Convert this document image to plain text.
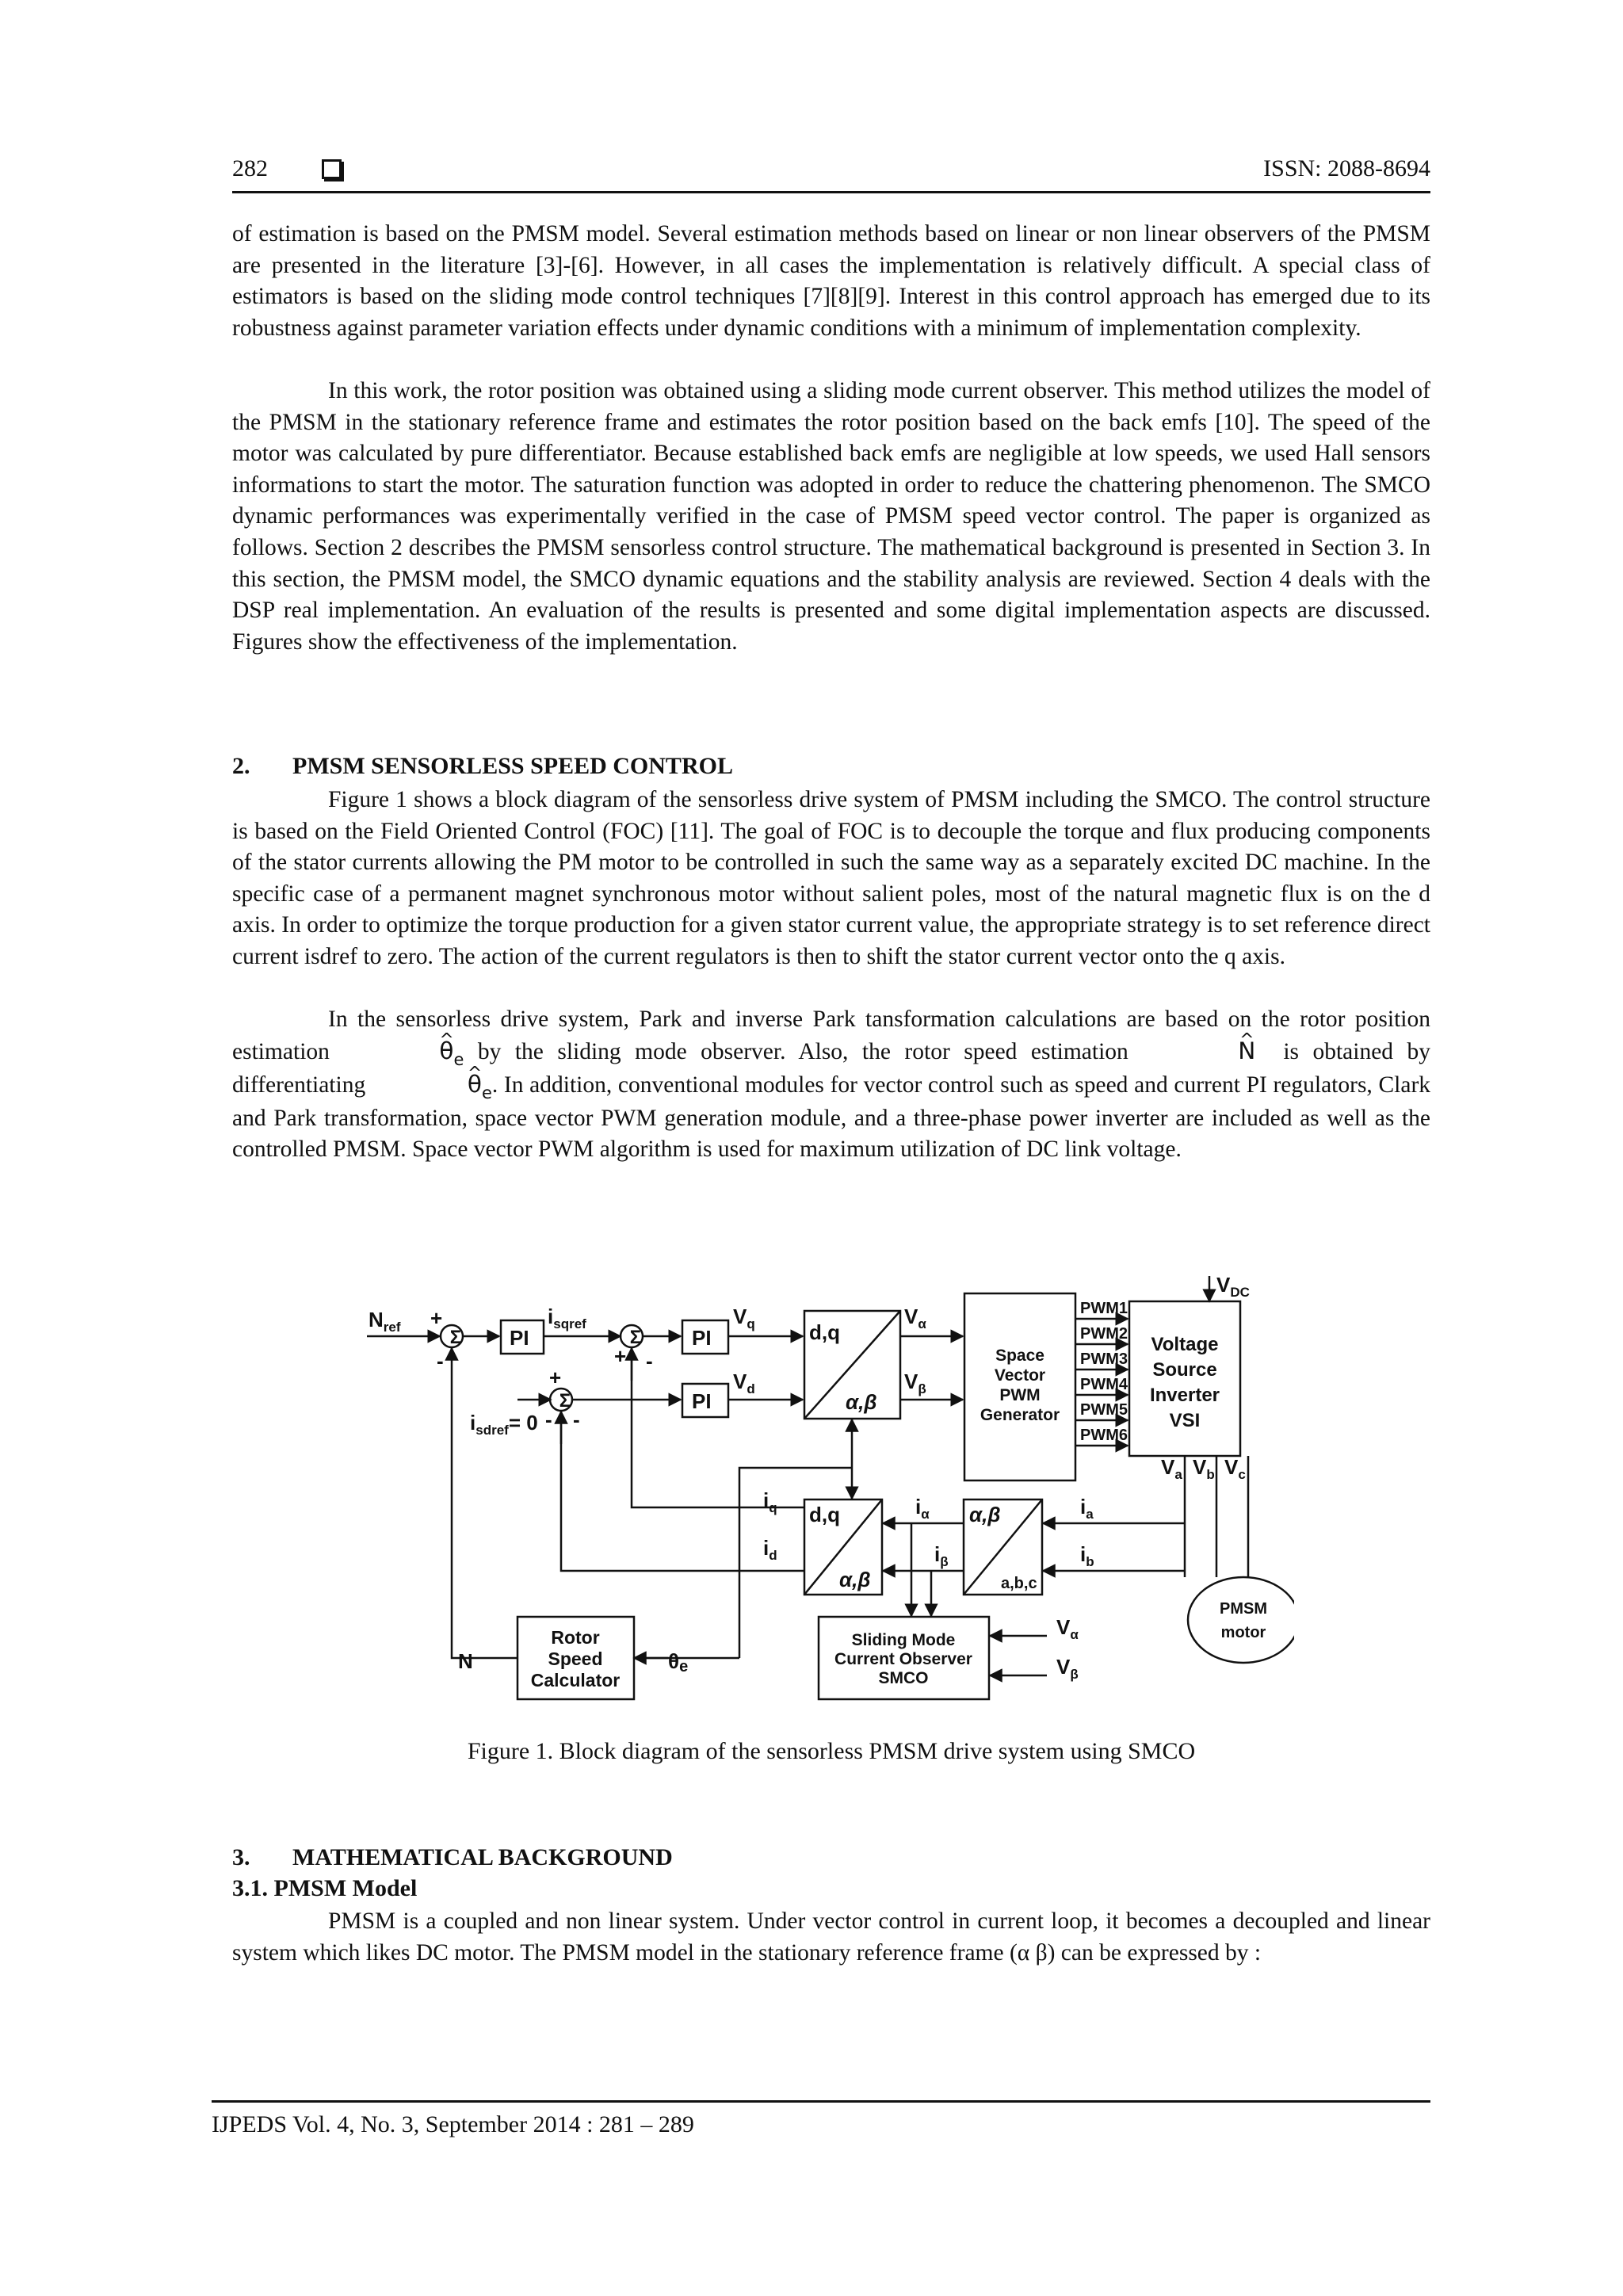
282	ISSN: 2088-8694

of estimation is based on the PMSM model. Several estimation methods based on linear or non linear observers of the PMSM are presented in the literature [3]-[6]. However, in all cases the implementation is relatively difficult. A special class of estimators is based on the sliding mode control techniques [7][8][9]. Interest in this control approach has emerged due to its robustness against parameter variation effects under dynamic conditions with a minimum of implementation complexity.

In this work, the rotor position was obtained using a sliding mode current observer. This method utilizes the model of the PMSM in the stationary reference frame and estimates the rotor position based on the back emfs [10]. The speed of the motor was calculated by pure differentiator. Because established back emfs are negligible at low speeds, we used Hall sensors informations to start the motor. The saturation function was adopted in order to reduce the chattering phenomenon. The SMCO dynamic performances was experimentally verified in the case of PMSM speed vector control. The paper is organized as follows. Section 2 describes the PMSM sensorless control structure. The mathematical background is presented in Section 3. In this section, the PMSM model, the SMCO dynamic equations and the stability analysis are reviewed. Section 4 deals with the DSP real implementation. An evaluation of the results is presented and some digital implementation aspects are discussed. Figures show the effectiveness of the implementation.

2. PMSM SENSORLESS SPEED CONTROL

Figure 1 shows a block diagram of the sensorless drive system of PMSM including the SMCO. The control structure is based on the Field Oriented Control (FOC) [11]. The goal of FOC is to decouple the torque and flux producing components of the stator currents allowing the PM motor to be controlled in such the same way as a separately excited DC machine. In the specific case of a permanent magnet synchronous motor without salient poles, most of the natural magnetic flux is on the d axis. In order to optimize the torque production for a given stator current value, the appropriate strategy is to set reference direct current isdref to zero. The action of the current regulators is then to shift the stator current vector onto the q axis.

In the sensorless drive system, Park and inverse Park tansformation calculations are based on the rotor position estimation	^ $\theta_e$ by the sliding mode observer. Also, the rotor speed estimation	^ N is obtained by differentiating	^ $\theta_e$. In addition, conventional modules for vector control such as speed and current PI regulators, Clark and Park transformation, space vector PWM generation module, and a three-phase power inverter are included as well as the controlled PMSM. Space vector PWM algorithm is used for maximum utilization of DC link voltage.

Σ	Σ
Σ
$N_{ref}$ +
-
PI	PI
PI
$i_{sqref}$
+ -
+
- -
$i_{sdref}= 0$
$V_q$
$V_d$
d,q
α,β
$V_\alpha$
$V_\beta$
Space
Vector
PWM
Generator
PWM1
PWM2
PWM3
PWM4
PWM5
PWM6
Voltage
Source
Inverter
VSI
$V_{DC}$
$V_a$ $V_b$ $V_c$
$i_a$
$i_b$
$i_\alpha$
$i_\beta$
$i_q$
$i_d$
d,q
α,β
α,β
a,b,c
N	θe
$V_\alpha$
$V_\beta$
PMSM
motor
Rotor
Speed
Calculator
Sliding Mode
Current Observer
SMCO
Figure 1. Block diagram of the sensorless PMSM drive system using SMCO

3. MATHEMATICAL BACKGROUND

3.1. PMSM Model

PMSM is a coupled and non linear system. Under vector control in current loop, it becomes a decoupled and linear system which likes DC motor. The PMSM model in the stationary reference frame (α β) can be expressed by :

IJPEDS Vol. 4, No. 3, September 2014 : 281 – 289
